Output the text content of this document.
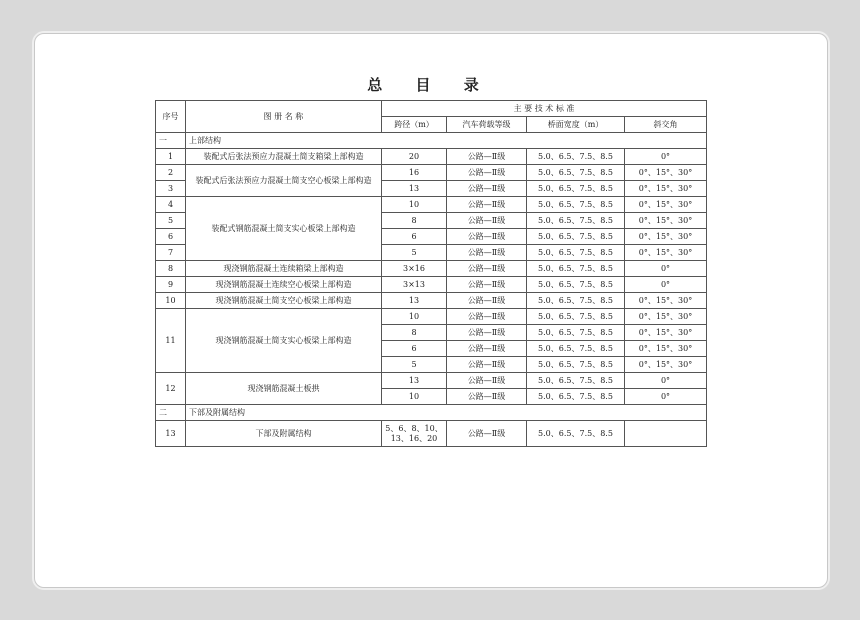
总 目 录
序号	图 册 名 称	主 要 技 术 标 准			
		跨径（m）	汽车荷载等级	桥面宽度（m）	斜交角
一	上部结构				
1	装配式后张法预应力混凝土简支箱梁上部构造	20	公路—Ⅱ级	5.0、6.5、7.5、8.5	0°
2	装配式后张法预应力混凝土简支空心板梁上部构造	16	公路—Ⅱ级	5.0、6.5、7.5、8.5	0°、15°、30°
3		13	公路—Ⅱ级	5.0、6.5、7.5、8.5	0°、15°、30°
4	装配式钢筋混凝土简支实心板梁上部构造	10	公路—Ⅱ级	5.0、6.5、7.5、8.5	0°、15°、30°
5		8	公路—Ⅱ级	5.0、6.5、7.5、8.5	0°、15°、30°
6		6	公路—Ⅱ级	5.0、6.5、7.5、8.5	0°、15°、30°
7		5	公路—Ⅱ级	5.0、6.5、7.5、8.5	0°、15°、30°
8	现浇钢筋混凝土连续箱梁上部构造	3×16	公路—Ⅱ级	5.0、6.5、7.5、8.5	0°
9	现浇钢筋混凝土连续空心板梁上部构造	3×13	公路—Ⅱ级	5.0、6.5、7.5、8.5	0°
10	现浇钢筋混凝土简支空心板梁上部构造	13	公路—Ⅱ级	5.0、6.5、7.5、8.5	0°、15°、30°
11	现浇钢筋混凝土简支实心板梁上部构造	10	公路—Ⅱ级	5.0、6.5、7.5、8.5	0°、15°、30°
		8	公路—Ⅱ级	5.0、6.5、7.5、8.5	0°、15°、30°
		6	公路—Ⅱ级	5.0、6.5、7.5、8.5	0°、15°、30°
		5	公路—Ⅱ级	5.0、6.5、7.5、8.5	0°、15°、30°
12	现浇钢筋混凝土板拱	13	公路—Ⅱ级	5.0、6.5、7.5、8.5	0°
		10	公路—Ⅱ级	5.0、6.5、7.5、8.5	0°
二	下部及附属结构				
13	下部及附属结构	5、6、8、10、
13、16、20	公路—Ⅱ级	5.0、6.5、7.5、8.5	
